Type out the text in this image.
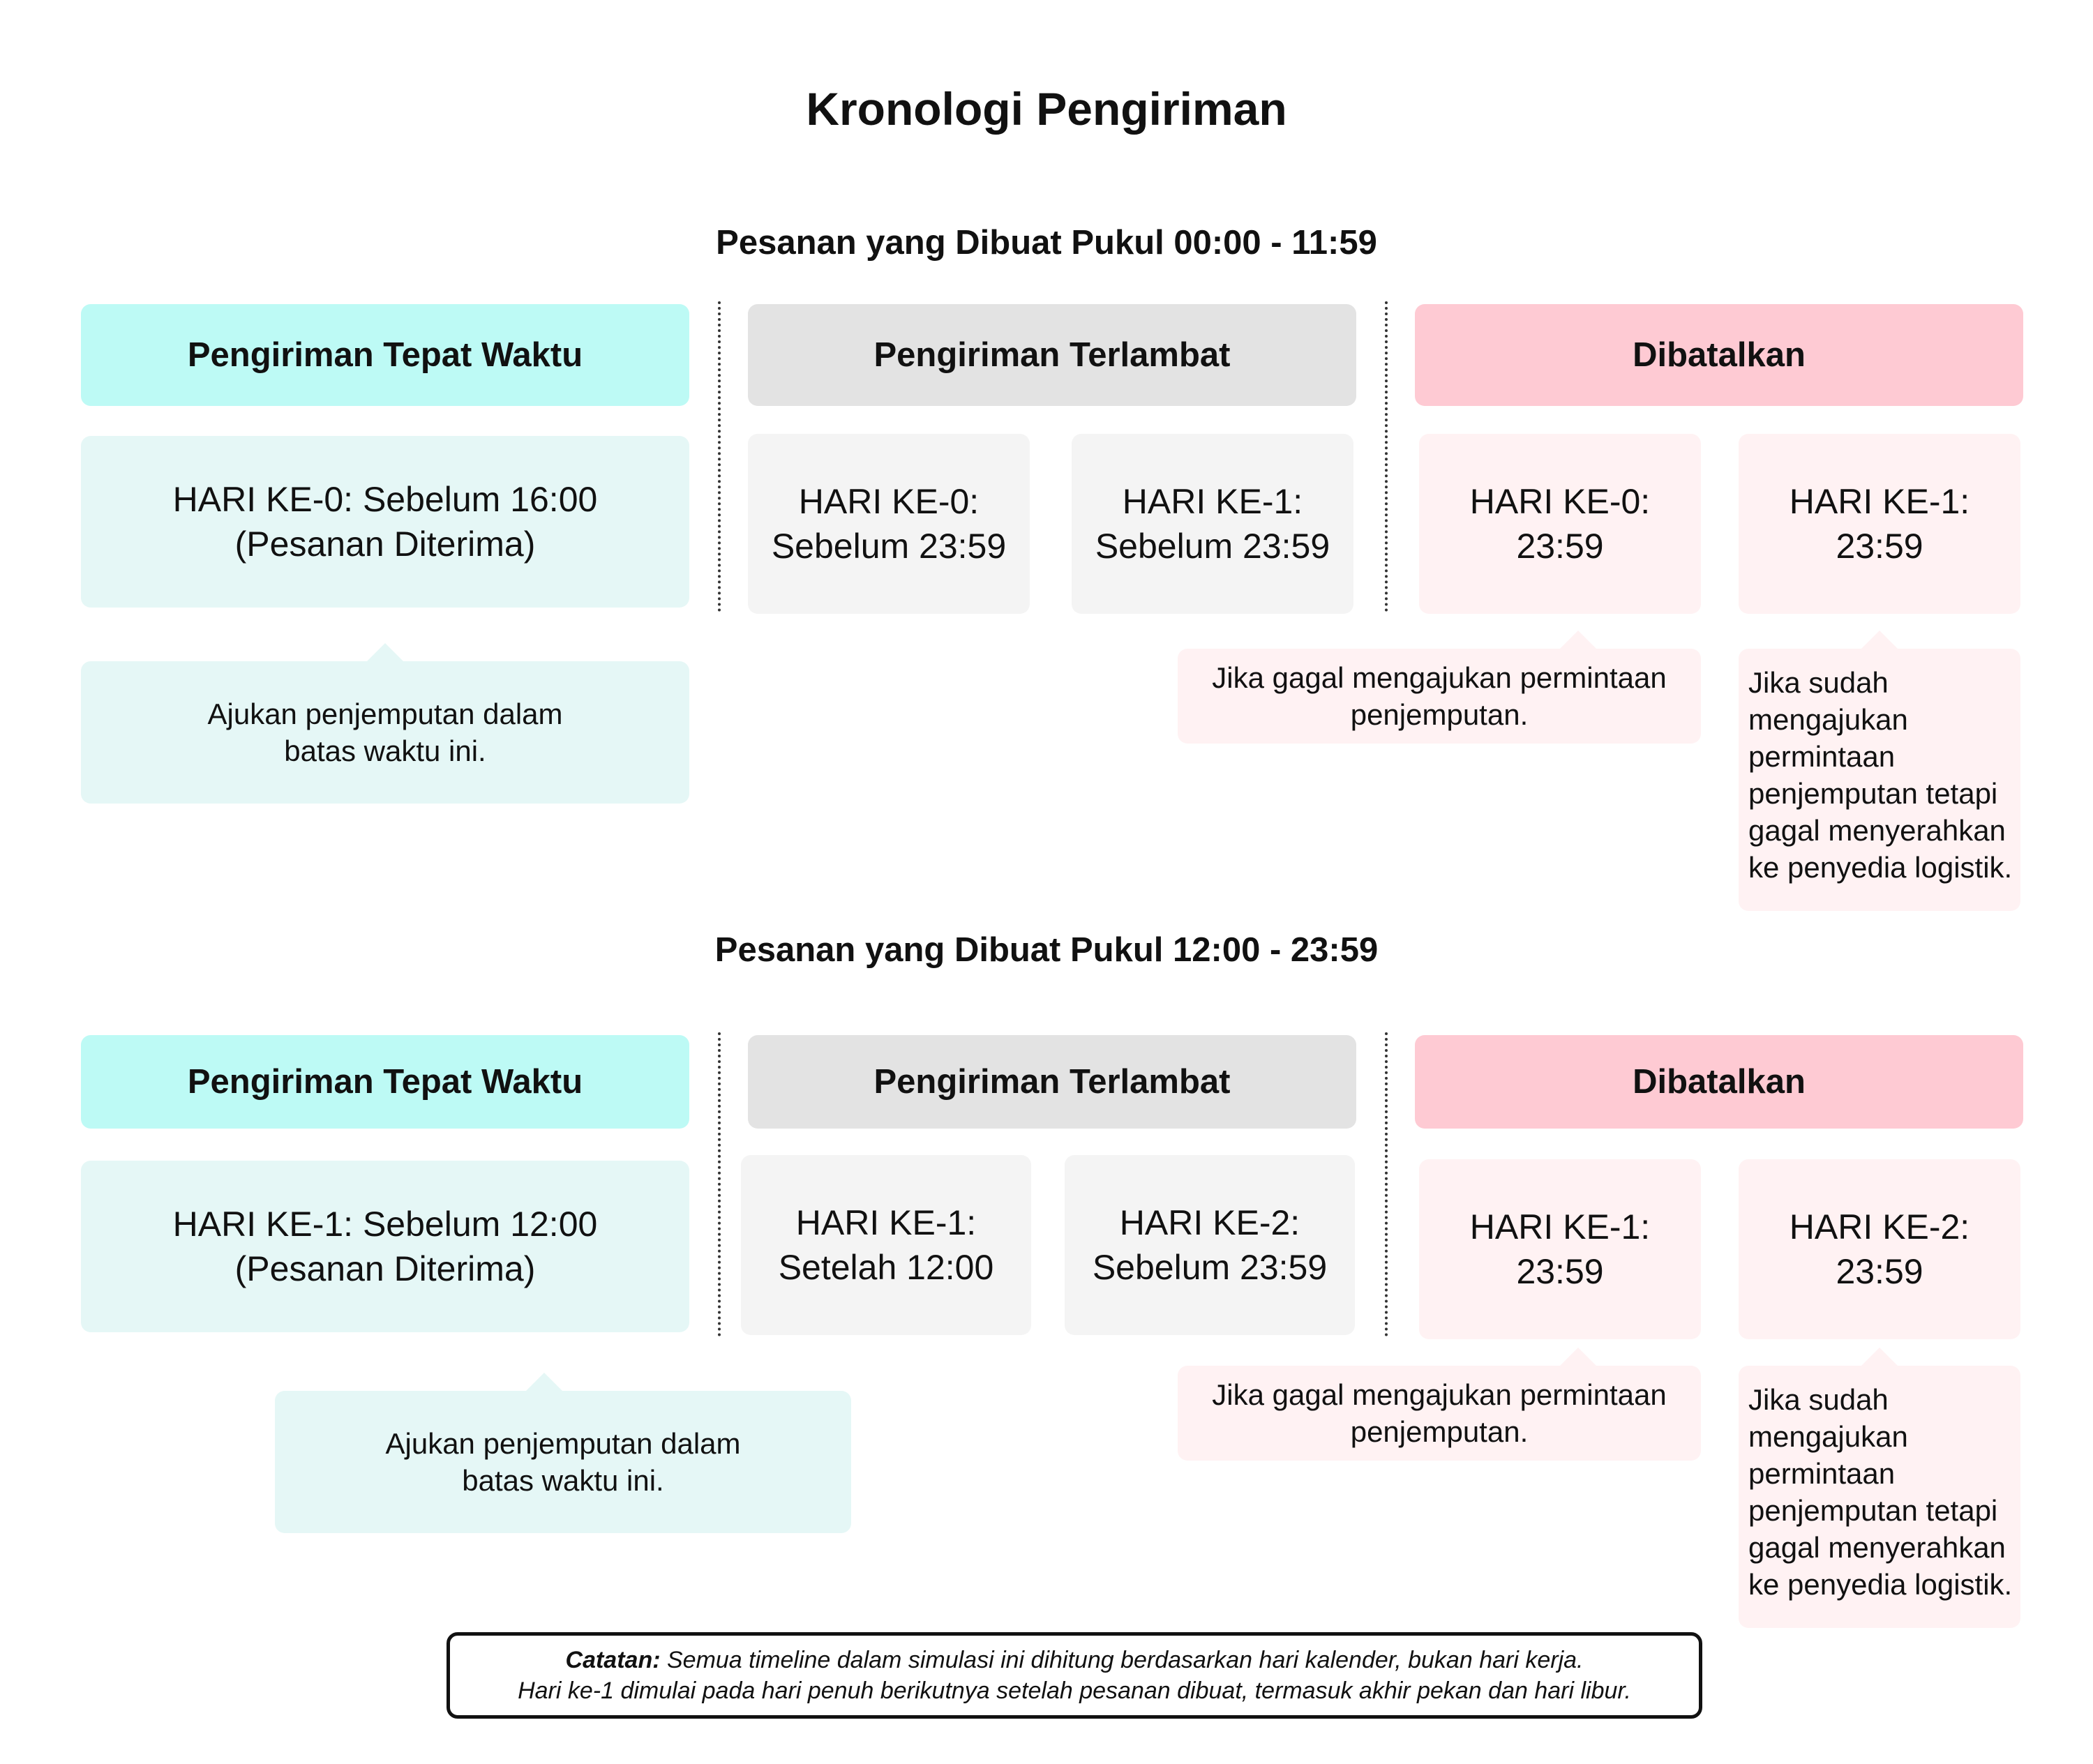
Kronologi Pengiriman
Pesanan yang Dibuat Pukul 00:00 - 11:59
Pengiriman Tepat Waktu	Pengiriman Terlambat	Dibatalkan
HARI KE-0: Sebelum 16:00
(Pesanan Diterima)
Ajukan penjemputan dalam
batas waktu ini.
HARI KE-0:
Sebelum 23:59
HARI KE-1:
Sebelum 23:59
HARI KE-0:
23:59
HARI KE-1:
23:59
Jika gagal mengajukan permintaan
penjemputan.
Jika sudah
mengajukan
permintaan
penjemputan tetapi
gagal menyerahkan
ke penyedia logistik.
Pesanan yang Dibuat Pukul 12:00 - 23:59
Pengiriman Tepat Waktu	Pengiriman Terlambat	Dibatalkan
HARI KE-1: Sebelum 12:00
(Pesanan Diterima)
Ajukan penjemputan dalam
batas waktu ini.
HARI KE-1:
Setelah 12:00
HARI KE-2:
Sebelum 23:59
HARI KE-1:
23:59
HARI KE-2:
23:59
Jika gagal mengajukan permintaan
penjemputan.
Jika sudah
mengajukan
permintaan
penjemputan tetapi
gagal menyerahkan
ke penyedia logistik.
Catatan: Semua timeline dalam simulasi ini dihitung berdasarkan hari kalender, bukan hari kerja.
Hari ke-1 dimulai pada hari penuh berikutnya setelah pesanan dibuat, termasuk akhir pekan dan hari libur.
